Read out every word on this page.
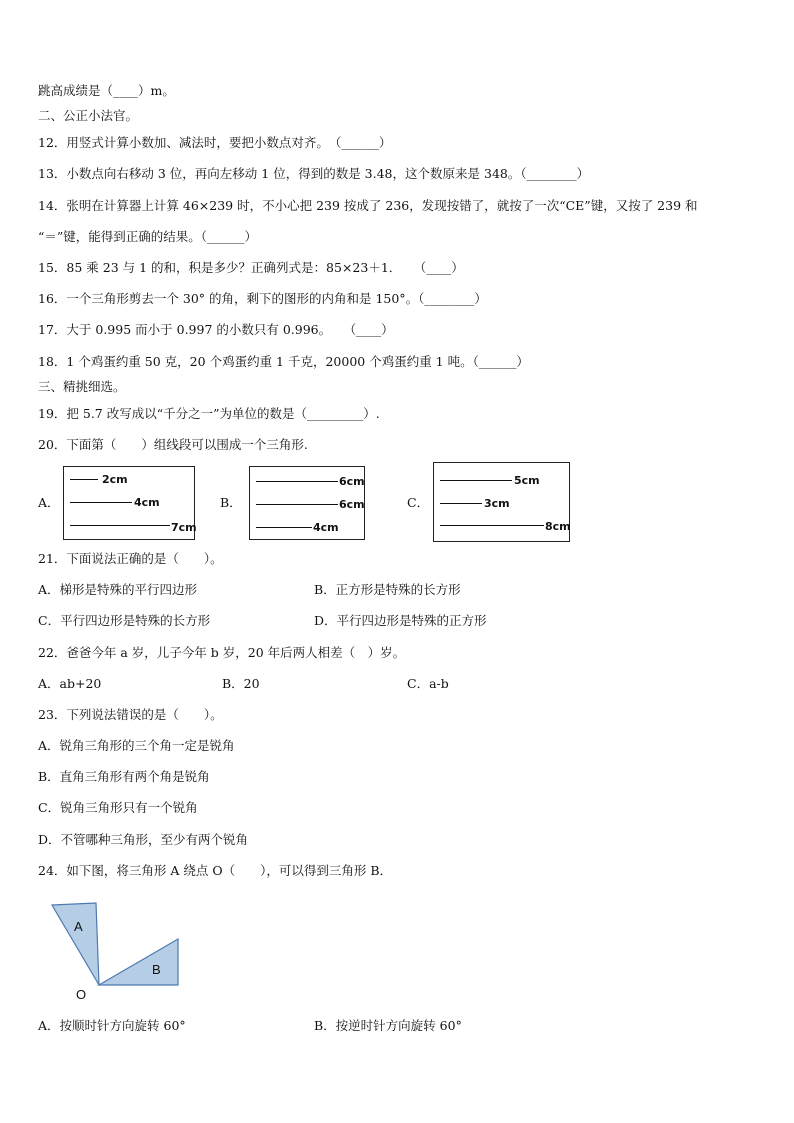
跳高成绩是（____）m。
二、公正小法官。
12．用竖式计算小数加、减法时，要把小数点对齐。　（______）
13．小数点向右移动 3 位，再向左移动 1 位，得到的数是 3.48，这个数原来是 348。（________）
14．张明在计算器上计算 46×239 时，不小心把 239 按成了 236，发现按错了，就按了一次“CE”键，又按了 239 和
“＝”键，能得到正确的结果。（______）
15．85 乘 23 与 1 的和，积是多少？正确列式是：85×23＋1．　　（____）
16．一个三角形剪去一个 30° 的角，剩下的图形的内角和是 150°。（________）
17．大于 0.995 而小于 0.997 的小数只有 0.996。　　（____）
18．1 个鸡蛋约重 50 克，20 个鸡蛋约重 1 千克，20000 个鸡蛋约重 1 吨。（______）
三、精挑细选。
19．把 5.7 改写成以“千分之一”为单位的数是（_________）.
20．下面第（　　）组线段可以围成一个三角形.
A．
2cm
4cm
7cm
B．
6cm
6cm
4cm
C．
5cm
3cm
8cm
21．下面说法正确的是（　　）。
A．梯形是特殊的平行四边形	B．正方形是特殊的长方形
C．平行四边形是特殊的长方形	D．平行四边形是特殊的正方形
22．爸爸今年 a 岁，儿子今年 b 岁，20 年后两人相差（　）岁。
A．ab+20	B．20	C．a-b
23．下列说法错误的是（　　）。
A．锐角三角形的三个角一定是锐角
B．直角三角形有两个角是锐角
C．锐角三角形只有一个锐角
D．不管哪种三角形，至少有两个锐角
24．如下图，将三角形 A 绕点 O（　　），可以得到三角形 B．
A
B
O
A．按顺时针方向旋转 60°	B．按逆时针方向旋转 60°
